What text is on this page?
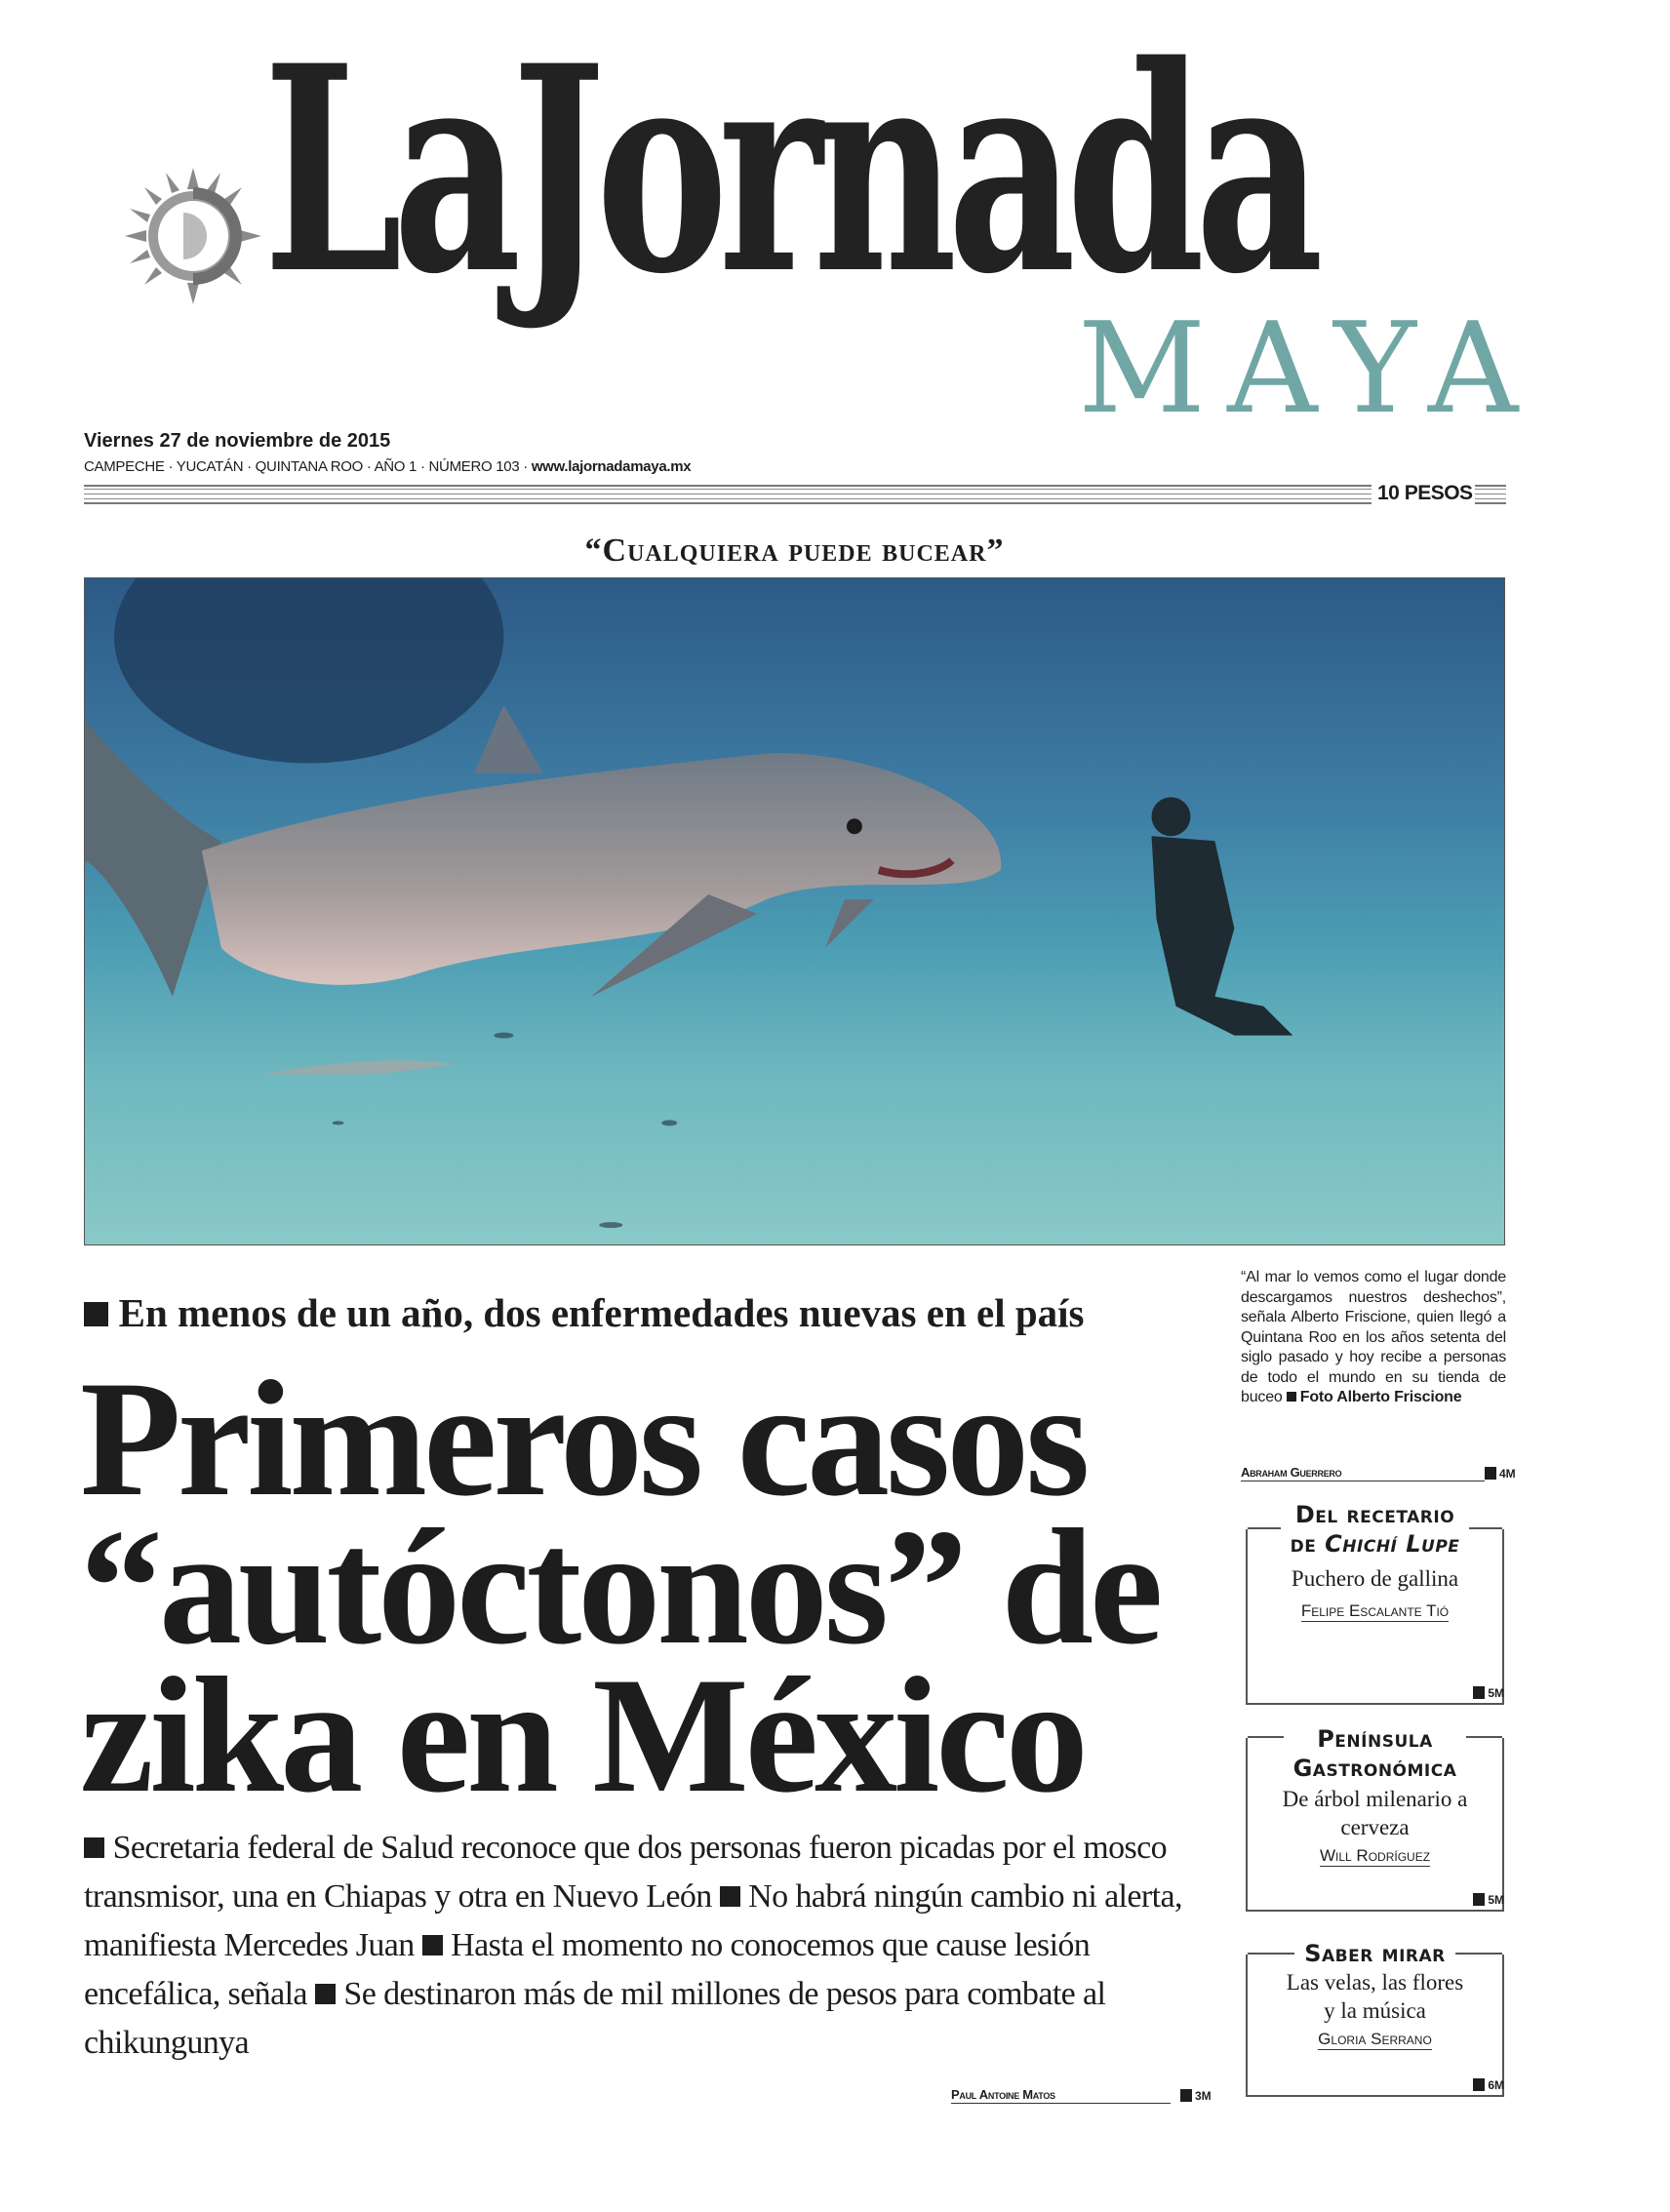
LaJornada
MAYA
Viernes 27 de noviembre de 2015
CAMPECHE · YUCATÁN · QUINTANA ROO · AÑO 1 · NÚMERO 103 · www.lajornadamaya.mx
10 PESOS
“Cualquiera puede bucear”
En menos de un año, dos enfermedades nuevas en el país
Primeros casos
“autóctonos” de
zika en México
Secretaria federal de Salud reconoce que dos personas fueron picadas por el mosco transmisor, una en Chiapas y otra en Nuevo León No habrá ningún cambio ni alerta, manifiesta Mercedes Juan Hasta el momento no conocemos que cause lesión encefálica, señala Se destinaron más de mil millones de pesos para combate al chikungunya
Paul Antoine Matos	3M
“Al mar lo vemos como el lugar donde descargamos nuestros deshechos”, señala Alberto Friscione, quien llegó a Quintana Roo en los años setenta del siglo pasado y hoy recibe a personas de todo el mundo en su tienda de buceo Foto Alberto Friscione
Abraham Guerrero	4M
Del recetario
de Chichí Lupe
Puchero de gallina
Felipe Escalante Tió
5M
Península
Gastronómica
De árbol milenario a cerveza
Will Rodríguez
5M
Saber mirar
Las velas, las flores y la música
Gloria Serrano
6M
